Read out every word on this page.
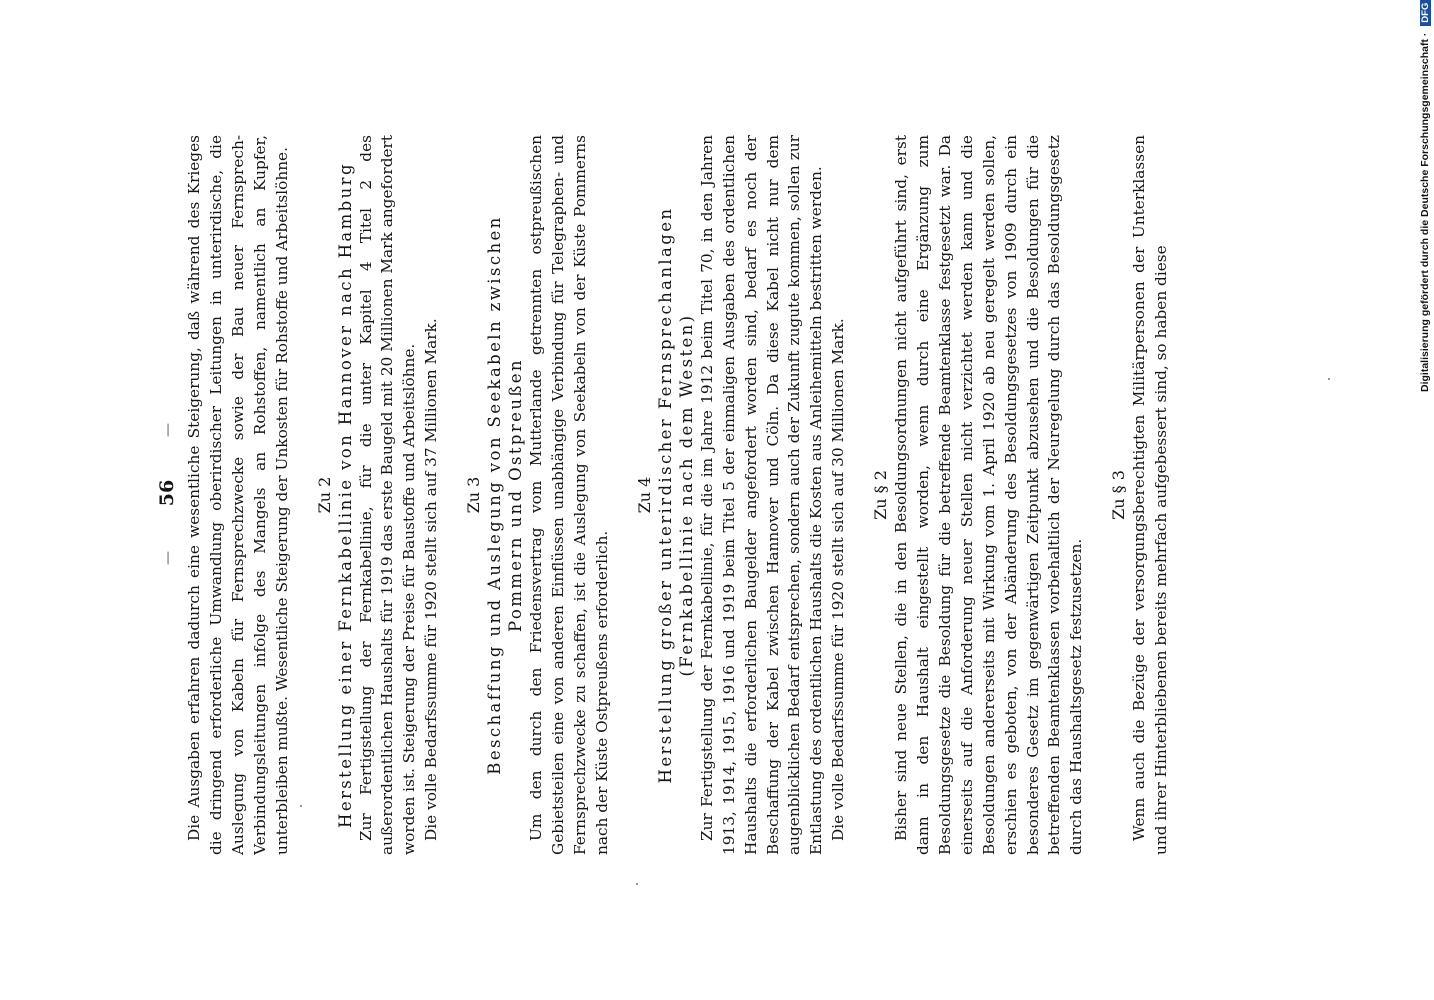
—
56
— Die Ausgaben erfahren dadurch eine wesentliche Steigerung, daß während des Krieges die dringend erforderliche Umwandlung oberirdischer Leitungen in unterirdische, die Auslegung von Kabeln für Fernsprechzwecke sowie der Bau neuer Fernsprech-Verbindungsleitungen infolge des Mangels an Rohstoffen, namentlich an Kupfer, unterbleiben mußte. Wesentliche Steigerung der Unkosten für Rohstoffe und Arbeitslöhne. Zu 2 Herstellung einer Fernkabellinie von Hannover nach Hamburg Zur Fertigstellung der Fernkabellinie, für die unter Kapitel 4 Titel 2 des außerordentlichen Haushalts für 1919 das erste Baugeld mit 20 Millionen Mark angefordert worden ist. Steigerung der Preise für Baustoffe und Arbeitslöhne. Die volle Bedarfssumme für 1920 stellt sich auf 37 Millionen Mark. Zu 3 Beschaffung und Auslegung von Seekabeln zwischen Pommern und Ostpreußen Um den durch den Friedensvertrag vom Mutterlande getrennten ostpreußischen Gebietsteilen eine von anderen Einflüssen unabhängige Verbindung für Telegraphen- und Fernsprechzwecke zu schaffen, ist die Auslegung von Seekabeln von der Küste Pommerns nach der Küste Ostpreußens erforderlich.

Zu 4 Herstellung großer unterirdischer Fernsprechanlagen (Fernkabellinie nach dem Westen) Zur Fertigstellung der Fernkabellinie, für die im Jahre 1912 beim Titel 70, in den Jahren 1913, 1914, 1915, 1916 und 1919 beim Titel 5 der einmaligen Ausgaben des ordentlichen Haushalts die erforderlichen Baugelder angefordert worden sind, bedarf es noch der Beschaffung der Kabel zwischen Hannover und Cöln. Da diese Kabel nicht nur dem augenblicklichen Bedarf entsprechen, sondern auch der Zukunft zugute kommen, sollen zur Entlastung des ordentlichen Haushalts die Kosten aus Anleihemitteln bestritten werden. Die volle Bedarfssumme für 1920 stellt sich auf 30 Millionen Mark. Zu § 2 Bisher sind neue Stellen, die in den Besoldungsordnungen nicht aufgeführt sind, erst dann in den Haushalt eingestellt worden, wenn durch eine Ergänzung zum Besoldungsgesetze die Besoldung für die betreffende Beamtenklasse festgesetzt war. Da einerseits auf die Anforderung neuer Stellen nicht verzichtet werden kann und die Besoldungen andererseits mit Wirkung vom 1. April 1920 ab neu geregelt werden sollen, erschien es geboten, von der Abänderung des Besoldungsgesetzes von 1909 durch ein besonderes Gesetz im gegenwärtigen Zeitpunkt abzusehen und die Besoldungen für die betreffenden Beamtenklassen vorbehaltlich der Neuregelung durch das Besoldungsgesetz durch das Haushaltsgesetz festzusetzen.

Zu § 3 Wenn auch die Bezüge der versorgungsberechtigten Militärpersonen der Unterklassen und ihrer Hinterbliebenen bereits mehrfach aufgebessert sind, so haben diese

Digitalisierung gefördert durch die Deutsche Forschungsgemeinschaft · DFG
